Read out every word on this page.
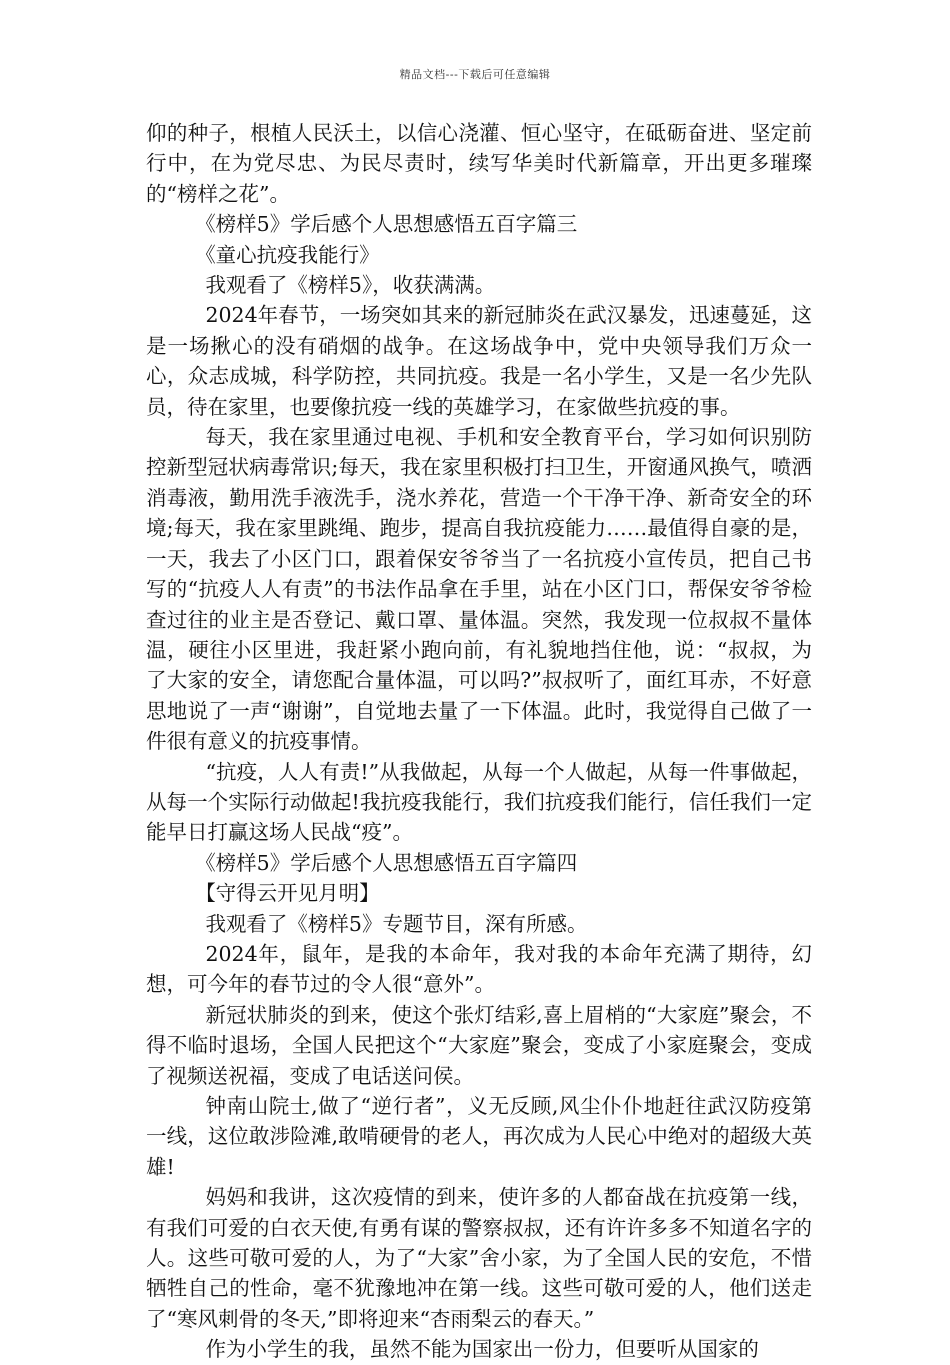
精品文档---下载后可任意编辑

仰的种子，根植人民沃土，以信心浇灌、恒心坚守，在砥砺奋进、坚定前行中，在为党尽忠、为民尽责时，续写华美时代新篇章，开出更多璀璨的“榜样之花”。

《榜样5》学后感个人思想感悟五百字篇三

《童心抗疫我能行》

我观看了《榜样5》，收获满满。

2024年春节，一场突如其来的新冠肺炎在武汉暴发，迅速蔓延，这是一场揪心的没有硝烟的战争。在这场战争中，党中央领导我们万众一心，众志成城，科学防控，共同抗疫。我是一名小学生，又是一名少先队员，待在家里，也要像抗疫一线的英雄学习，在家做些抗疫的事。

每天，我在家里通过电视、手机和安全教育平台，学习如何识别防控新型冠状病毒常识;每天，我在家里积极打扫卫生，开窗通风换气，喷洒消毒液，勤用洗手液洗手，浇水养花，营造一个干净干净、新奇安全的环境;每天，我在家里跳绳、跑步，提高自我抗疫能力……最值得自豪的是，一天，我去了小区门口，跟着保安爷爷当了一名抗疫小宣传员，把自己书写的“抗疫人人有责”的书法作品拿在手里，站在小区门口，帮保安爷爷检查过往的业主是否登记、戴口罩、量体温。突然，我发现一位叔叔不量体温，硬往小区里进，我赶紧小跑向前，有礼貌地挡住他，说：“叔叔，为了大家的安全，请您配合量体温，可以吗?”叔叔听了，面红耳赤，不好意思地说了一声“谢谢”，自觉地去量了一下体温。此时，我觉得自己做了一件很有意义的抗疫事情。

“抗疫，人人有责!”从我做起，从每一个人做起，从每一件事做起，从每一个实际行动做起!我抗疫我能行，我们抗疫我们能行，信任我们一定能早日打赢这场人民战“疫”。

《榜样5》学后感个人思想感悟五百字篇四

【守得云开见月明】

我观看了《榜样5》专题节目，深有所感。

2024年，鼠年，是我的本命年，我对我的本命年充满了期待，幻想，可今年的春节过的令人很“意外”。

新冠状肺炎的到来，使这个张灯结彩,喜上眉梢的“大家庭”聚会，不得不临时退场，全国人民把这个“大家庭”聚会，变成了小家庭聚会，变成了视频送祝福，变成了电话送问侯。

钟南山院士,做了“逆行者”，义无反顾,风尘仆仆地赶往武汉防疫第一线，这位敢涉险滩,敢啃硬骨的老人，再次成为人民心中绝对的超级大英雄!

妈妈和我讲，这次疫情的到来，使许多的人都奋战在抗疫第一线，有我们可爱的白衣天使,有勇有谋的警察叔叔，还有许许多多不知道名字的人。这些可敬可爱的人，为了“大家”舍小家，为了全国人民的安危，不惜牺牲自己的性命，毫不犹豫地冲在第一线。这些可敬可爱的人，他们送走了“寒风刺骨的冬天,”即将迎来“杏雨梨云的春天。”

作为小学生的我，虽然不能为国家出一份力，但要听从国家的
